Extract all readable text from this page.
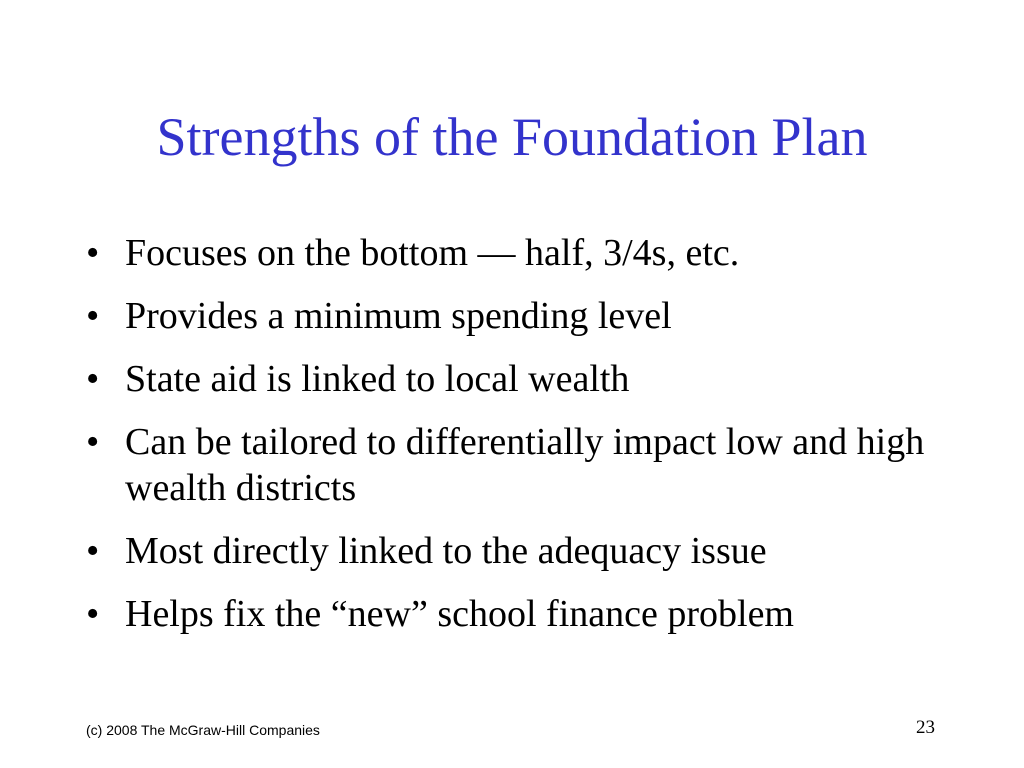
Strengths of the Foundation Plan
• Focuses on the bottom — half, 3/4s, etc.
• Provides a minimum spending level
• State aid is linked to local wealth
• Can be tailored to differentially impact low and high wealth districts
• Most directly linked to the adequacy issue
• Helps fix the “new” school finance problem
(c) 2008 The McGraw-Hill Companies	23
